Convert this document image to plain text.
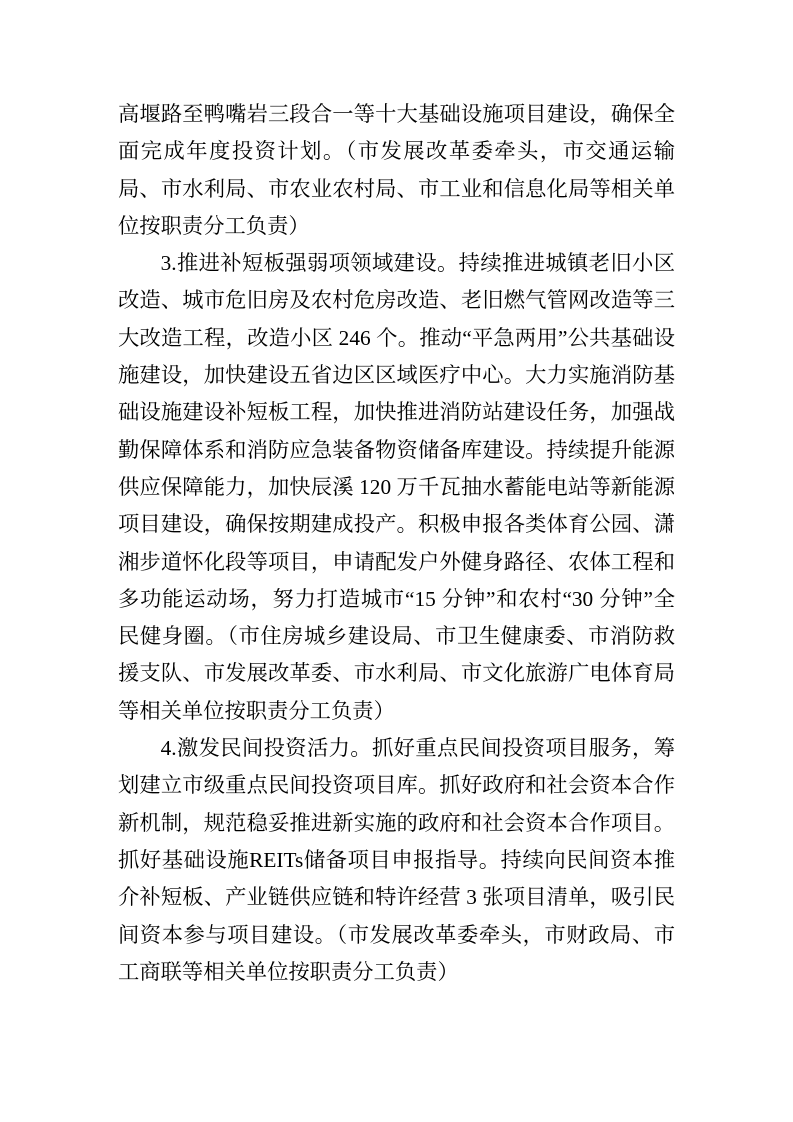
高堰路至鸭嘴岩三段合一等十大基础设施项目建设，确保全面完成年度投资计划。（市发展改革委牵头，市交通运输局、市水利局、市农业农村局、市工业和信息化局等相关单位按职责分工负责）

3.推进补短板强弱项领域建设。持续推进城镇老旧小区改造、城市危旧房及农村危房改造、老旧燃气管网改造等三大改造工程，改造小区 246 个。推动“平急两用”公共基础设施建设，加快建设五省边区区域医疗中心。大力实施消防基础设施建设补短板工程，加快推进消防站建设任务，加强战勤保障体系和消防应急装备物资储备库建设。持续提升能源供应保障能力，加快辰溪 120 万千瓦抽水蓄能电站等新能源项目建设，确保按期建成投产。积极申报各类体育公园、潇湘步道怀化段等项目，申请配发户外健身路径、农体工程和多功能运动场，努力打造城市“15 分钟”和农村“30 分钟”全民健身圈。（市住房城乡建设局、市卫生健康委、市消防救援支队、市发展改革委、市水利局、市文化旅游广电体育局等相关单位按职责分工负责）

4.激发民间投资活力。抓好重点民间投资项目服务，筹划建立市级重点民间投资项目库。抓好政府和社会资本合作新机制，规范稳妥推进新实施的政府和社会资本合作项目。抓好基础设施REITs储备项目申报指导。持续向民间资本推介补短板、产业链供应链和特许经营 3 张项目清单，吸引民间资本参与项目建设。（市发展改革委牵头，市财政局、市工商联等相关单位按职责分工负责）
